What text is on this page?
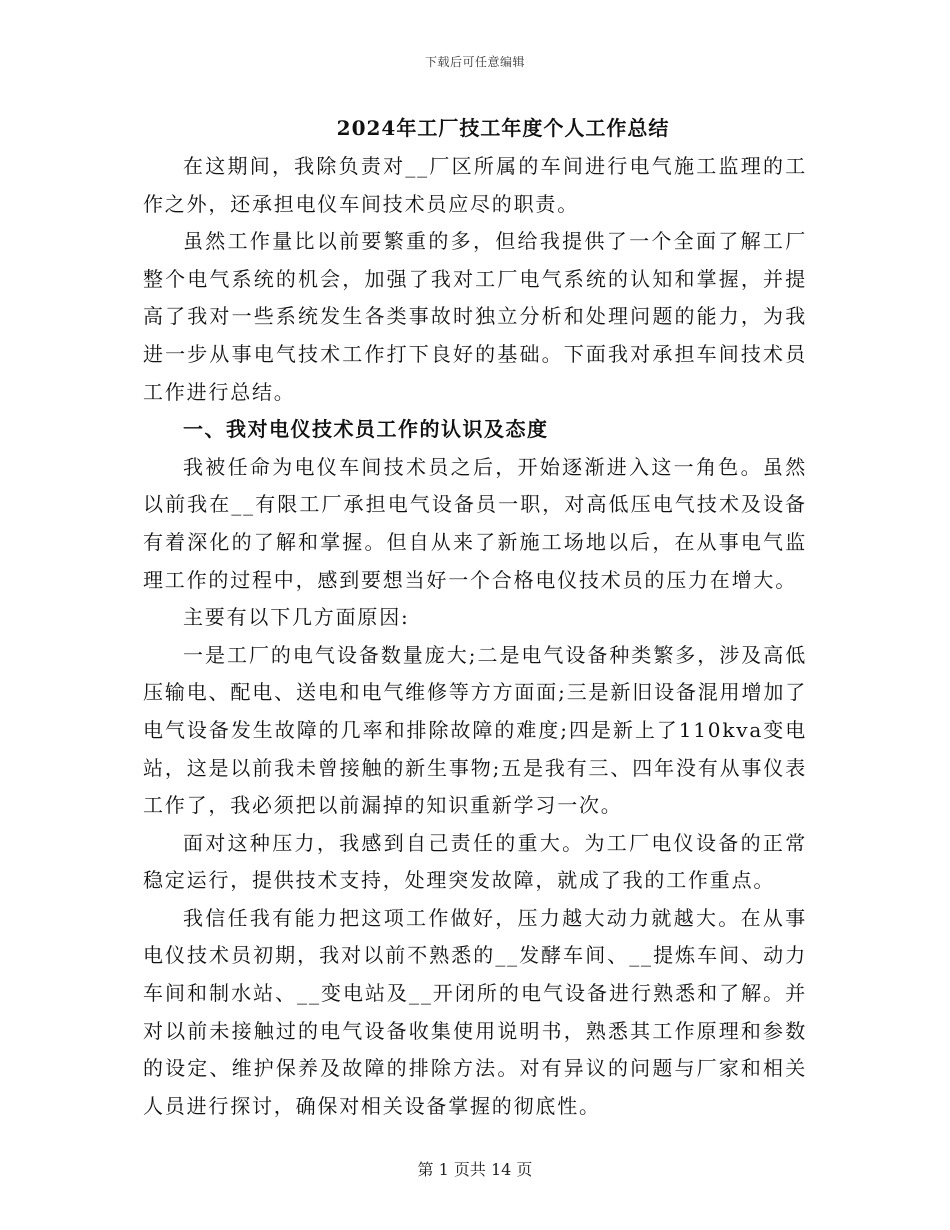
下载后可任意编辑
2024年工厂技工年度个人工作总结

在这期间，我除负责对__厂区所属的车间进行电气施工监理的工作之外，还承担电仪车间技术员应尽的职责。

虽然工作量比以前要繁重的多，但给我提供了一个全面了解工厂整个电气系统的机会，加强了我对工厂电气系统的认知和掌握，并提高了我对一些系统发生各类事故时独立分析和处理问题的能力，为我进一步从事电气技术工作打下良好的基础。下面我对承担车间技术员工作进行总结。

一、我对电仪技术员工作的认识及态度

我被任命为电仪车间技术员之后，开始逐渐进入这一角色。虽然以前我在__有限工厂承担电气设备员一职，对高低压电气技术及设备有着深化的了解和掌握。但自从来了新施工场地以后，在从事电气监理工作的过程中，感到要想当好一个合格电仪技术员的压力在增大。

主要有以下几方面原因:

一是工厂的电气设备数量庞大;二是电气设备种类繁多，涉及高低压输电、配电、送电和电气维修等方方面面;三是新旧设备混用增加了电气设备发生故障的几率和排除故障的难度;四是新上了110kva变电站，这是以前我未曾接触的新生事物;五是我有三、四年没有从事仪表工作了，我必须把以前漏掉的知识重新学习一次。

面对这种压力，我感到自己责任的重大。为工厂电仪设备的正常稳定运行，提供技术支持，处理突发故障，就成了我的工作重点。

我信任我有能力把这项工作做好，压力越大动力就越大。在从事电仪技术员初期，我对以前不熟悉的__发酵车间、__提炼车间、动力车间和制水站、__变电站及__开闭所的电气设备进行熟悉和了解。并对以前未接触过的电气设备收集使用说明书，熟悉其工作原理和参数的设定、维护保养及故障的排除方法。对有异议的问题与厂家和相关人员进行探讨，确保对相关设备掌握的彻底性。

第 1 页共 14 页
